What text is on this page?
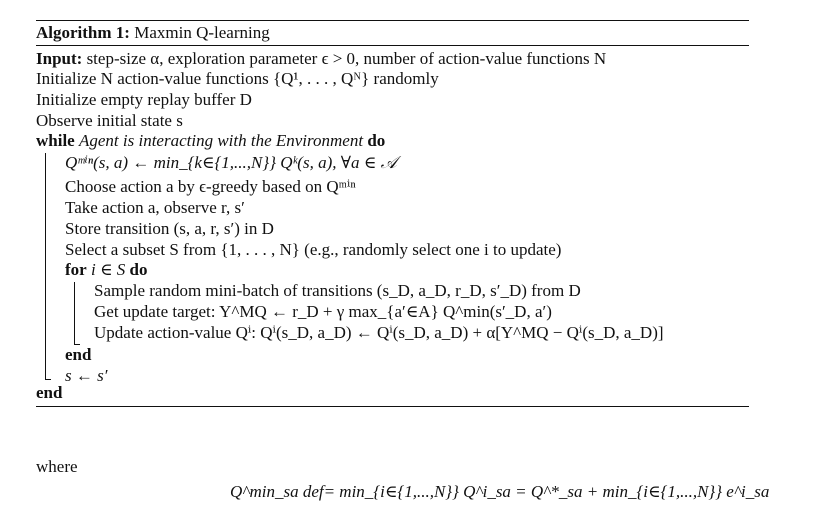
Algorithm 1: Maxmin Q-learning
Input: step-size α, exploration parameter ϵ > 0, number of action-value functions N
Initialize N action-value functions {Q¹, . . . , Qᴺ} randomly
Initialize empty replay buffer D
Observe initial state s
while Agent is interacting with the Environment do
Qᵐⁱⁿ(s, a) ← min_{k∈{1,...,N}} Qᵏ(s, a), ∀a ∈ 𝒜
Choose action a by ϵ-greedy based on Qᵐⁱⁿ
Take action a, observe r, s′
Store transition (s, a, r, s′) in D
Select a subset S from {1, . . . , N} (e.g., randomly select one i to update)
for i ∈ S do
Sample random mini-batch of transitions (s_D, a_D, r_D, s′_D) from D
Get update target: Y^MQ ← r_D + γ max_{a′∈A} Q^min(s′_D, a′)
Update action-value Qⁱ: Qⁱ(s_D, a_D) ← Qⁱ(s_D, a_D) + α[Y^MQ − Qⁱ(s_D, a_D)]
end
s ← s′
end
where
Q^min_sa def= min_{i∈{1,...,N}} Q^i_sa = Q^*_sa + min_{i∈{1,...,N}} e^i_sa
